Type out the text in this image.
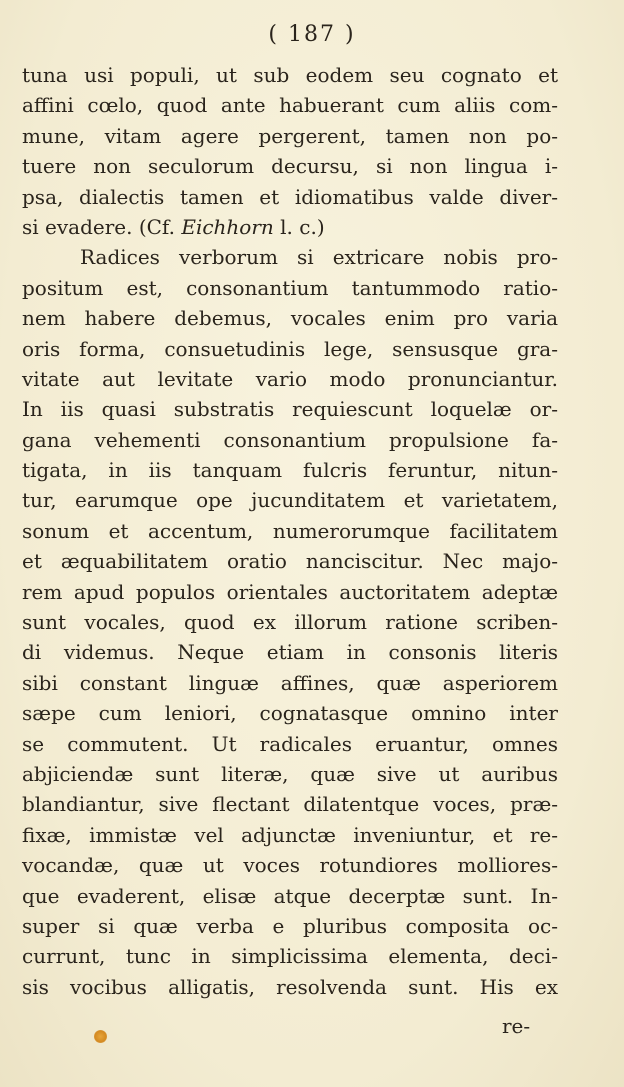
( 187 )
tuna usi populi, ut sub eodem seu cognato et
affini cœlo, quod ante habuerant cum aliis com-
mune, vitam agere pergerent, tamen non po-
tuere non seculorum decursu, si non lingua i-
psa, dialectis tamen et idiomatibus valde diver-
si evadere. (Cf. Eichhorn l. c.)
Radices verborum si extricare nobis pro-
positum est, consonantium tantummodo ratio-
nem habere debemus, vocales enim pro varia
oris forma, consuetudinis lege, sensusque gra-
vitate aut levitate vario modo pronunciantur.
In iis quasi substratis requiescunt loquelæ or-
gana vehementi consonantium propulsione fa-
tigata, in iis tanquam fulcris feruntur, nitun-
tur, earumque ope jucunditatem et varietatem,
sonum et accentum, numerorumque facilitatem
et æquabilitatem oratio nanciscitur. Nec majo-
rem apud populos orientales auctoritatem adeptæ
sunt vocales, quod ex illorum ratione scriben-
di videmus. Neque etiam in consonis literis
sibi constant linguæ affines, quæ asperiorem
sæpe cum leniori, cognatasque omnino inter
se commutent. Ut radicales eruantur, omnes
abjiciendæ sunt literæ, quæ sive ut auribus
blandiantur, sive flectant dilatentque voces, præ-
fixæ, immistæ vel adjunctæ inveniuntur, et re-
vocandæ, quæ ut voces rotundiores molliores-
que evaderent, elisæ atque decerptæ sunt. In-
super si quæ verba e pluribus composita oc-
currunt, tunc in simplicissima elementa, deci-
sis vocibus alligatis, resolvenda sunt. His ex
re-
